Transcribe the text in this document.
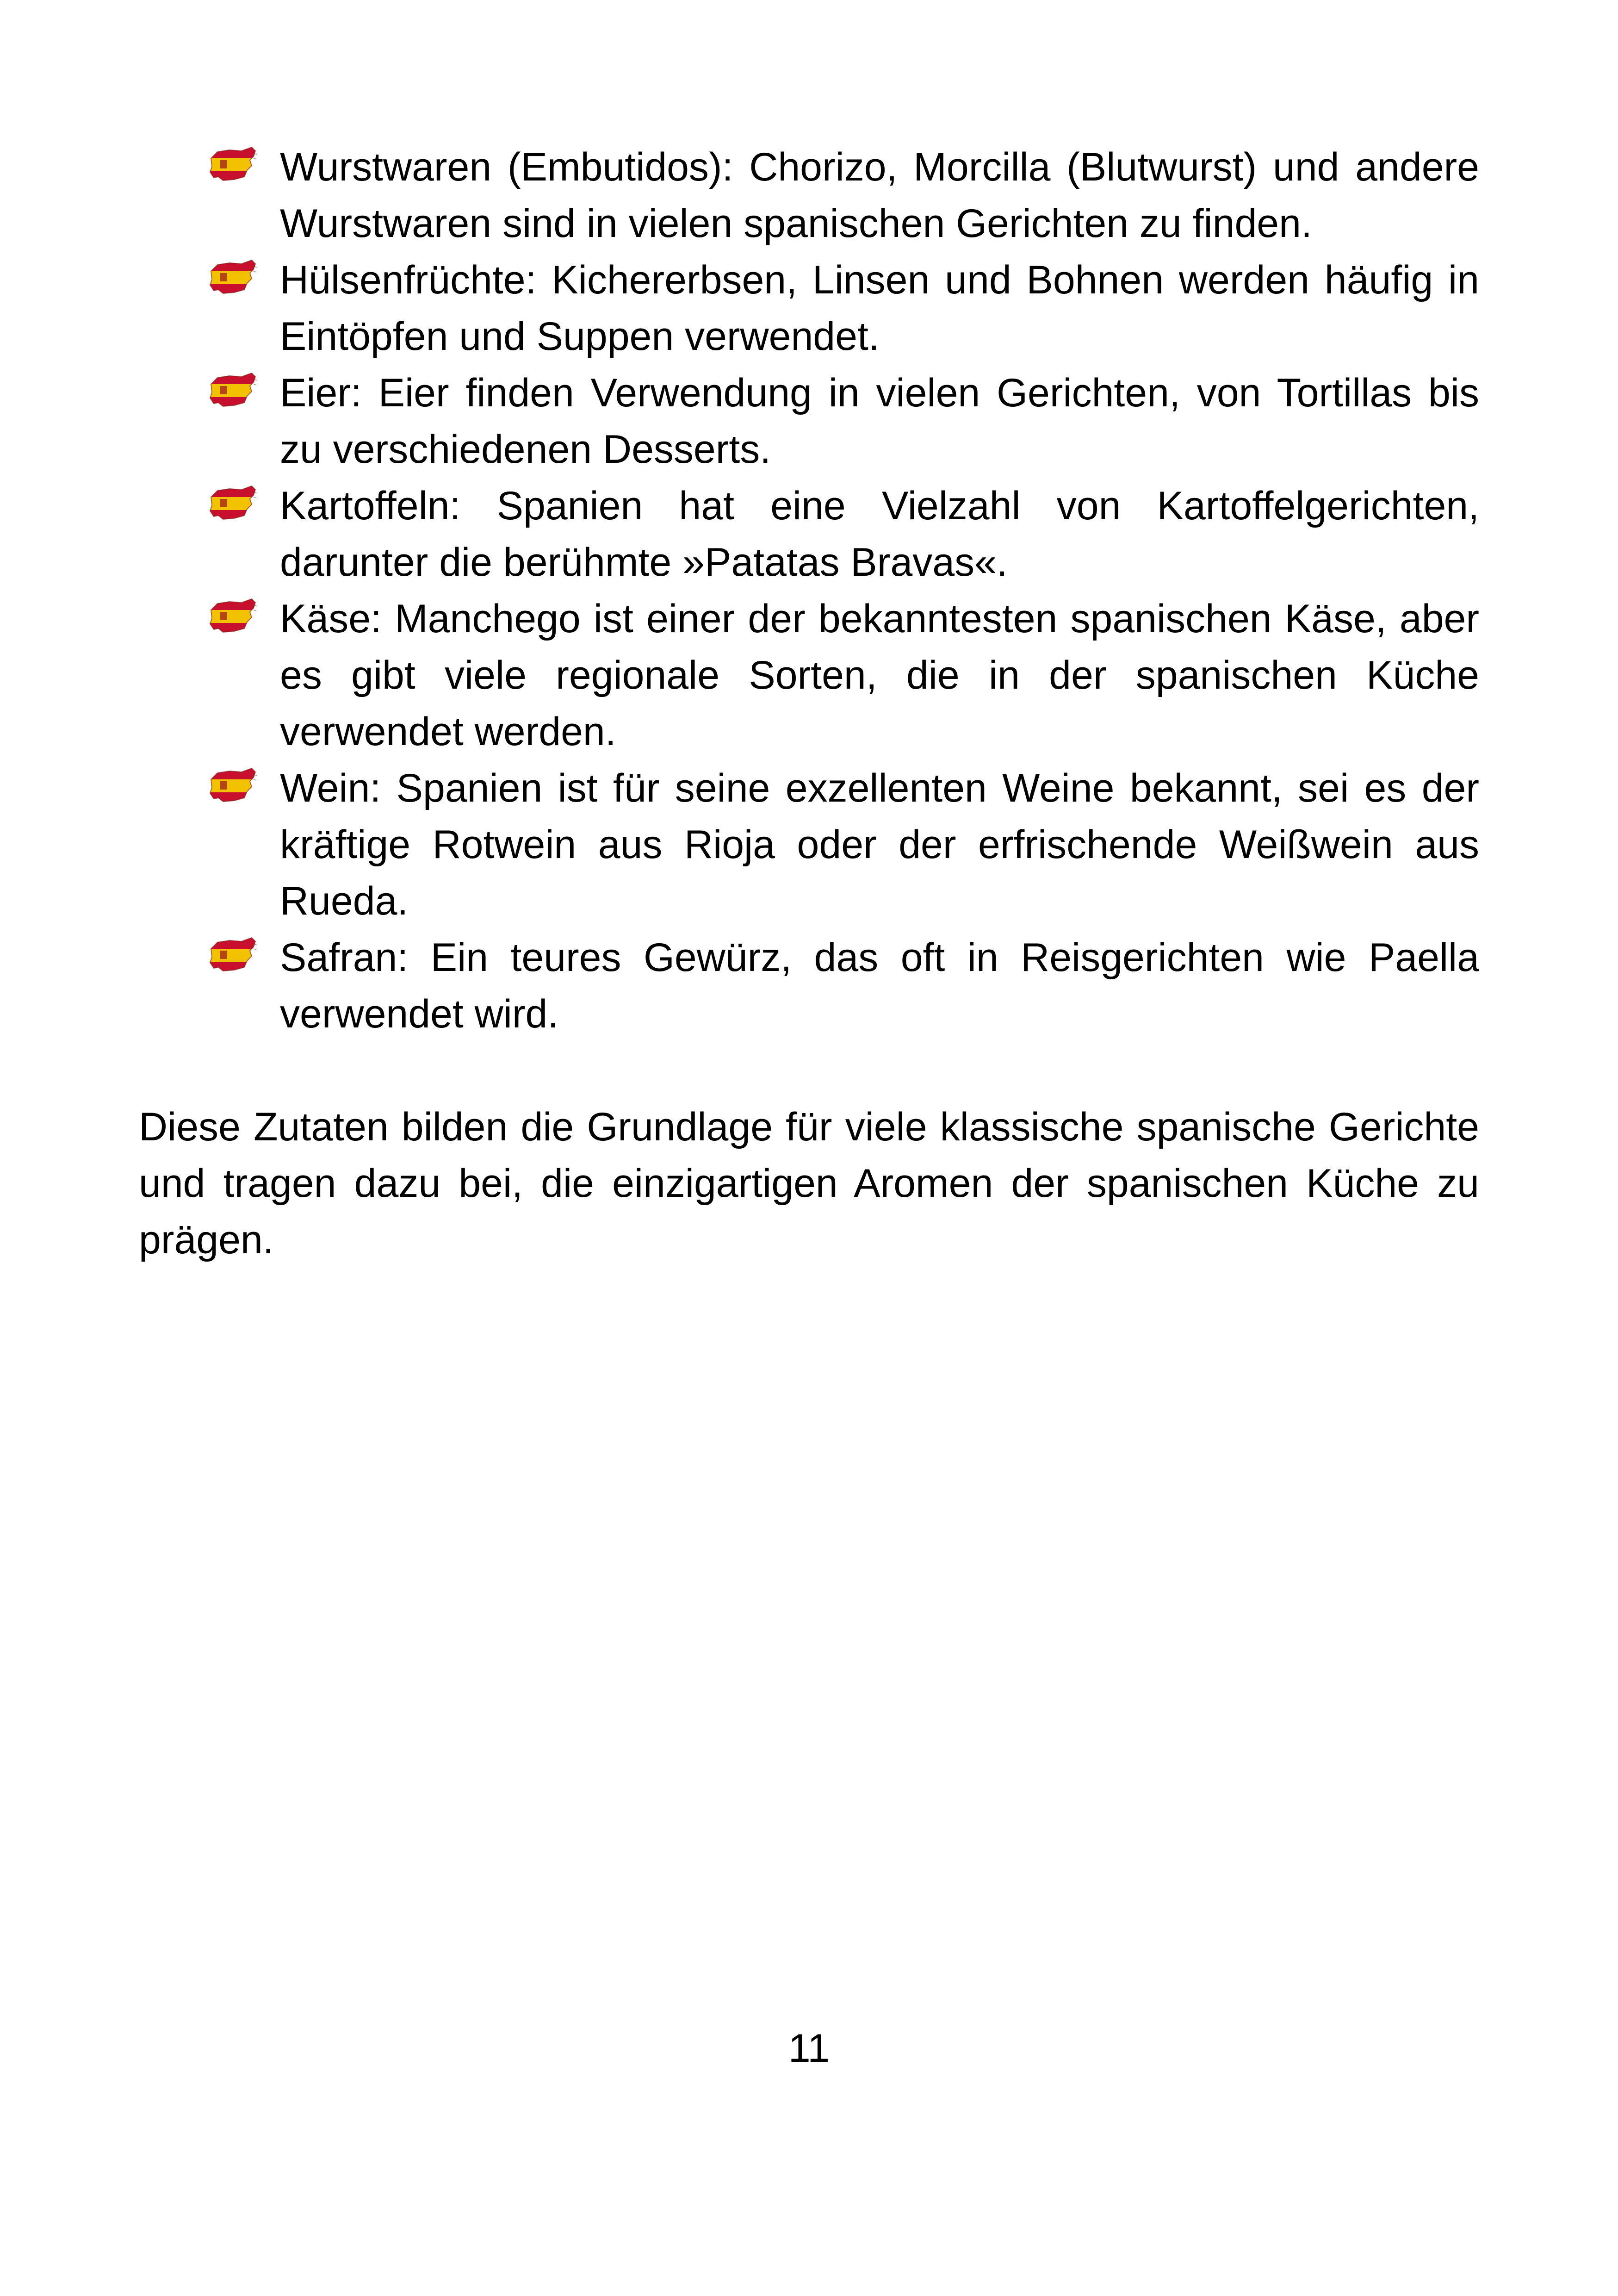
Wurstwaren (Embutidos): Chorizo, Morcilla (Blutwurst) und andere Wurstwaren sind in vielen spanischen Gerichten zu finden.
Hülsenfrüchte: Kichererbsen, Linsen und Bohnen werden häufig in Eintöpfen und Suppen verwendet.
Eier: Eier finden Verwendung in vielen Gerichten, von Tortillas bis zu verschiedenen Desserts.
Kartoffeln: Spanien hat eine Vielzahl von Kartoffelgerichten, darunter die berühmte »Patatas Bravas«.
Käse: Manchego ist einer der bekanntesten spanischen Käse, aber es gibt viele regionale Sorten, die in der spanischen Küche verwendet werden.
Wein: Spanien ist für seine exzellenten Weine bekannt, sei es der kräftige Rotwein aus Rioja oder der erfrischende Weißwein aus Rueda.
Safran: Ein teures Gewürz, das oft in Reisgerichten wie Paella verwendet wird.

Diese Zutaten bilden die Grundlage für viele klassische spanische Gerichte und tragen dazu bei, die einzigartigen Aromen der spanischen Küche zu prägen.

11
